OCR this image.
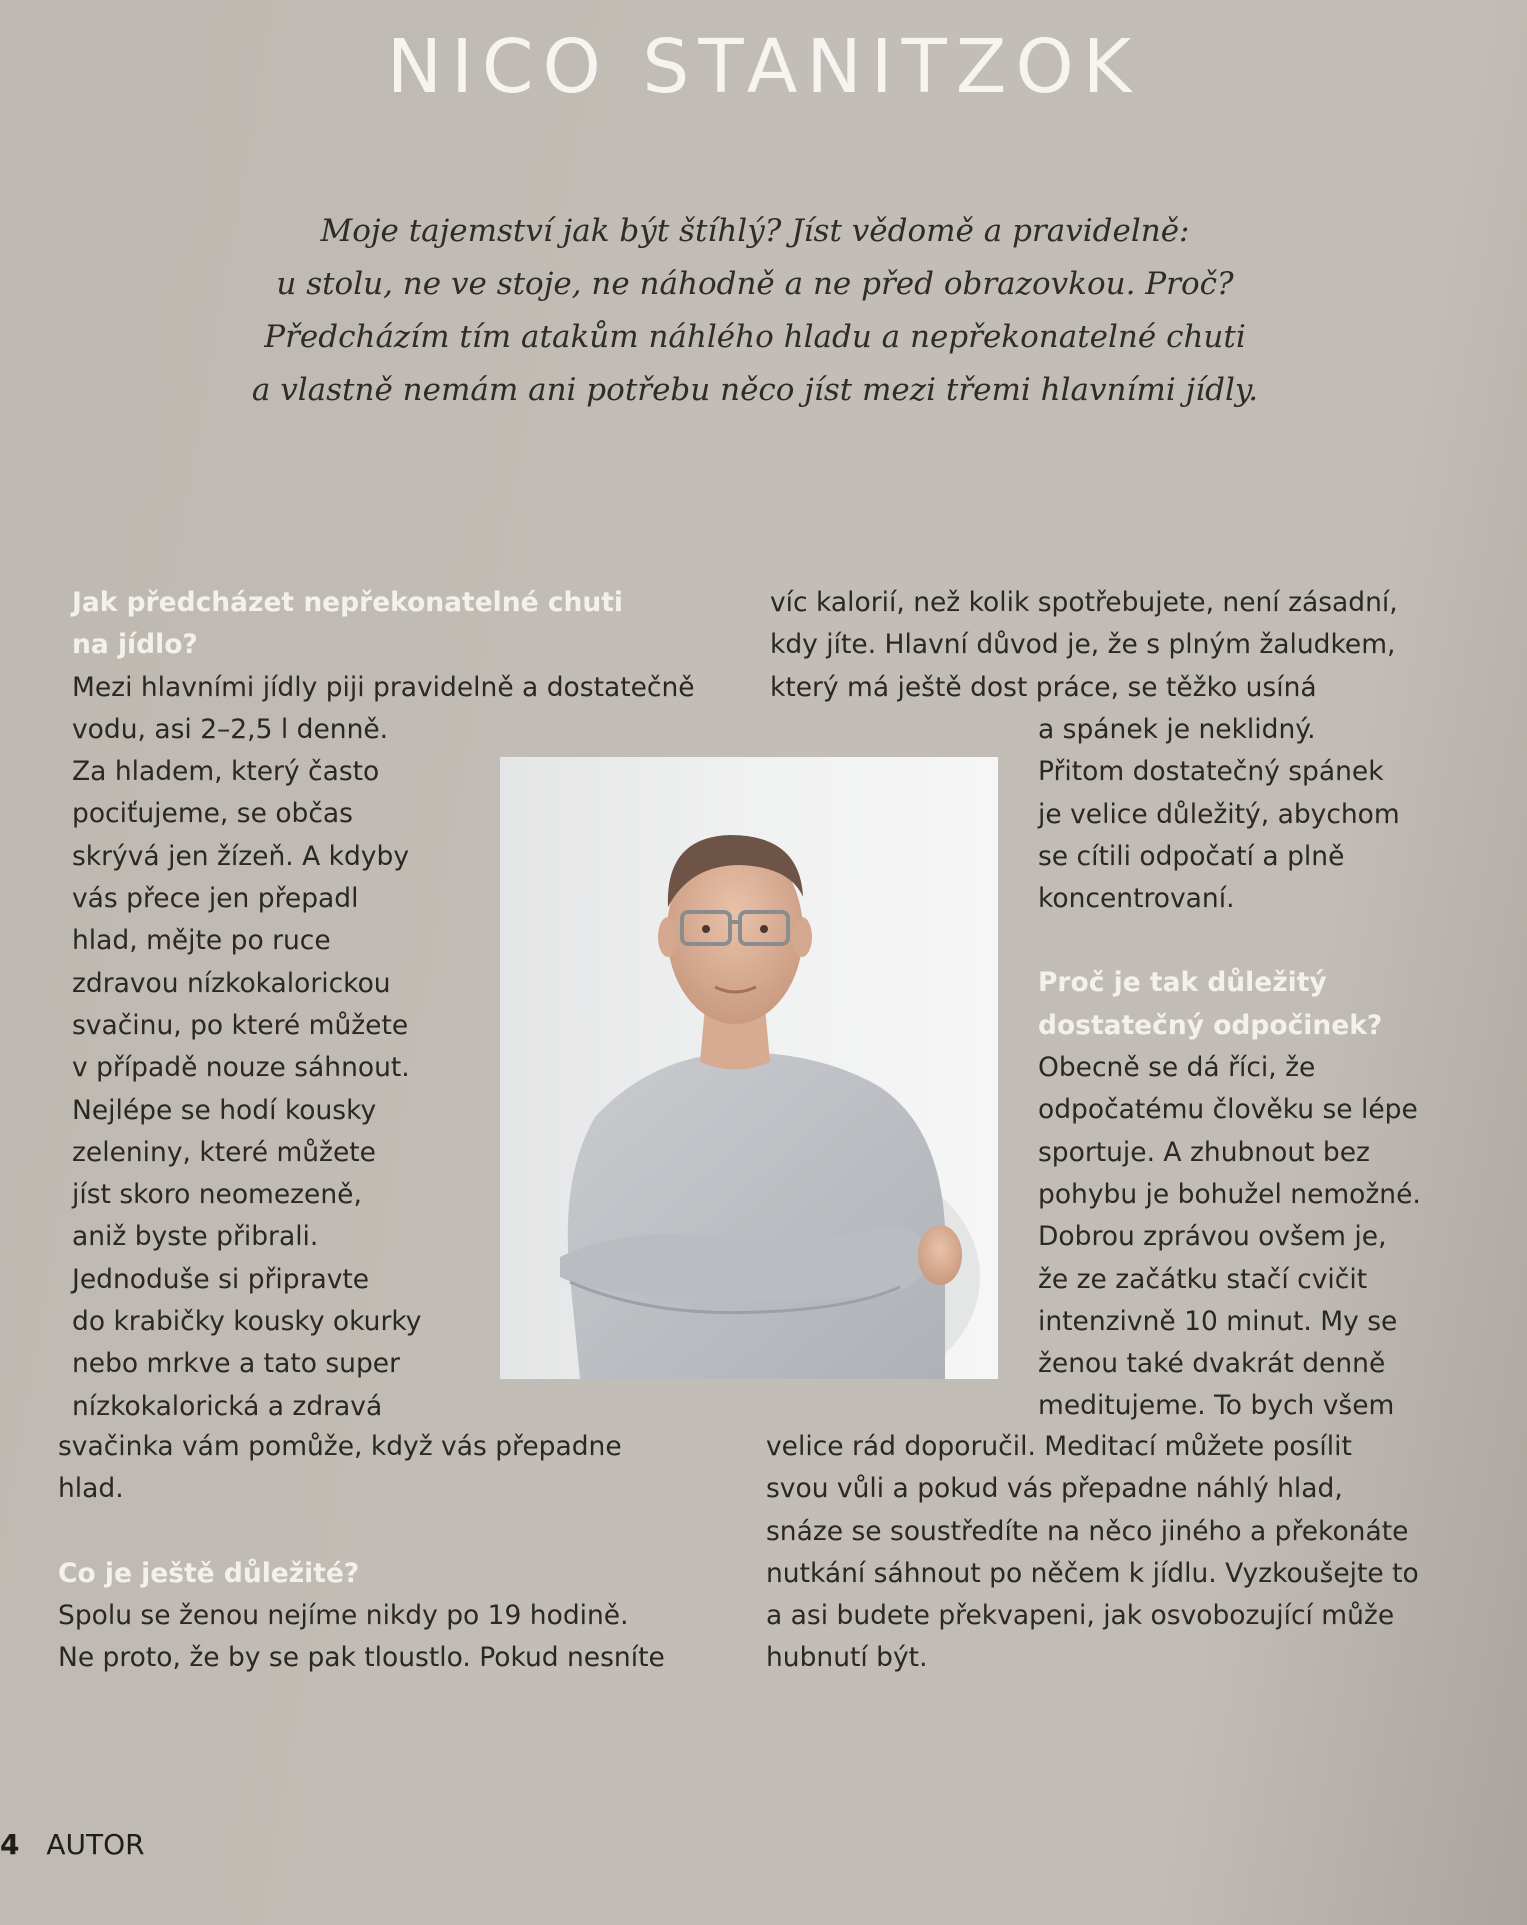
NICO STANITZOK
Moje tajemství jak být štíhlý? Jíst vědomě a pravidelně:
u stolu, ne ve stoje, ne náhodně a ne před obrazovkou. Proč?
Předcházím tím atakům náhlého hladu a nepřekonatelné chuti
a vlastně nemám ani potřebu něco jíst mezi třemi hlavními jídly.
Jak předcházet nepřekonatelné chuti
na jídlo?
Mezi hlavními jídly piji pravidelně a dostatečně
vodu, asi 2–2,5 l denně.
Za hladem, který často
pociťujeme, se občas
skrývá jen žízeň. A kdyby
vás přece jen přepadl
hlad, mějte po ruce
zdravou nízkokalorickou
svačinu, po které můžete
v případě nouze sáhnout.
Nejlépe se hodí kousky
zeleniny, které můžete
jíst skoro neomezeně,
aniž byste přibrali.
Jednoduše si připravte
do krabičky kousky okurky
nebo mrkve a tato super
nízkokalorická a zdravá
svačinka vám pomůže, když vás přepadne
hlad.
Co je ještě důležité?
Spolu se ženou nejíme nikdy po 19 hodině.
Ne proto, že by se pak tloustlo. Pokud nesníte
víc kalorií, než kolik spotřebujete, není zásadní,
kdy jíte. Hlavní důvod je, že s plným žaludkem,
který má ještě dost práce, se těžko usíná
a spánek je neklidný.
Přitom dostatečný spánek
je velice důležitý, abychom
se cítili odpočatí a plně
koncentrovaní.
Proč je tak důležitý
dostatečný odpočinek?
Obecně se dá říci, že
odpočatému člověku se lépe
sportuje. A zhubnout bez
pohybu je bohužel nemožné.
Dobrou zprávou ovšem je,
že ze začátku stačí cvičit
intenzivně 10 minut. My se
ženou také dvakrát denně
meditujeme. To bych všem
velice rád doporučil. Meditací můžete posílit
svou vůli a pokud vás přepadne náhlý hlad,
snáze se soustředíte na něco jiného a překonáte
nutkání sáhnout po něčem k jídlu. Vyzkoušejte to
a asi budete překvapeni, jak osvobozující může
hubnutí být.
4 AUTOR
